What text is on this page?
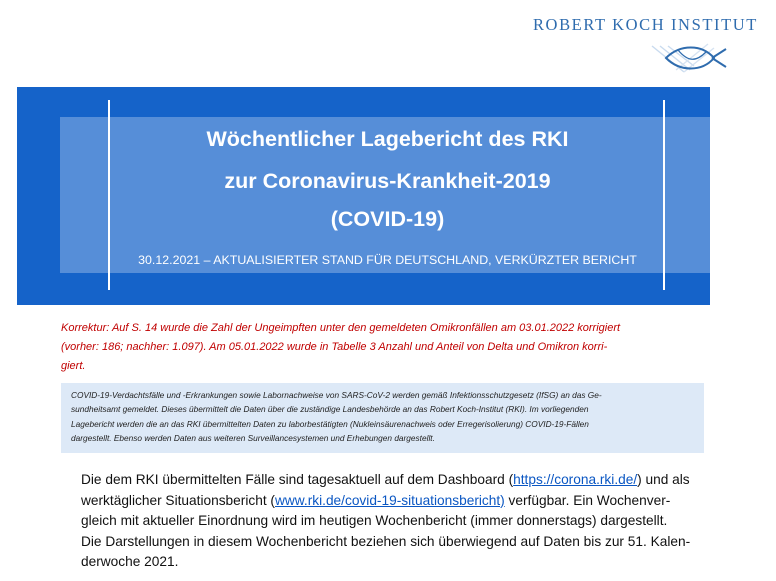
ROBERT KOCH INSTITUT
Wöchentlicher Lagebericht des RKI
zur Coronavirus-Krankheit-2019
(COVID-19)
30.12.2021 – AKTUALISIERTER STAND FÜR DEUTSCHLAND, VERKÜRZTER BERICHT
Korrektur: Auf S. 14 wurde die Zahl der Ungeimpften unter den gemeldeten Omikronfällen am 03.01.2022 korrigiert
(vorher: 186; nachher: 1.097). Am 05.01.2022 wurde in Tabelle 3 Anzahl und Anteil von Delta und Omikron korri-
giert.
COVID-19-Verdachtsfälle und -Erkrankungen sowie Labornachweise von SARS-CoV-2 werden gemäß Infektionsschutzgesetz (IfSG) an das Ge-
sundheitsamt gemeldet. Dieses übermittelt die Daten über die zuständige Landesbehörde an das Robert Koch-Institut (RKI). Im vorliegenden
Lagebericht werden die an das RKI übermittelten Daten zu laborbestätigten (Nukleinsäurenachweis oder Erregerisolierung) COVID-19-Fällen
dargestellt. Ebenso werden Daten aus weiteren Surveillancesystemen und Erhebungen dargestellt.
Die dem RKI übermittelten Fälle sind tagesaktuell auf dem Dashboard (https://corona.rki.de/) und als
werktäglicher Situationsbericht (www.rki.de/covid-19-situationsbericht) verfügbar. Ein Wochenver-
gleich mit aktueller Einordnung wird im heutigen Wochenbericht (immer donnerstags) dargestellt.
Die Darstellungen in diesem Wochenbericht beziehen sich überwiegend auf Daten bis zur 51. Kalen-
derwoche 2021.
